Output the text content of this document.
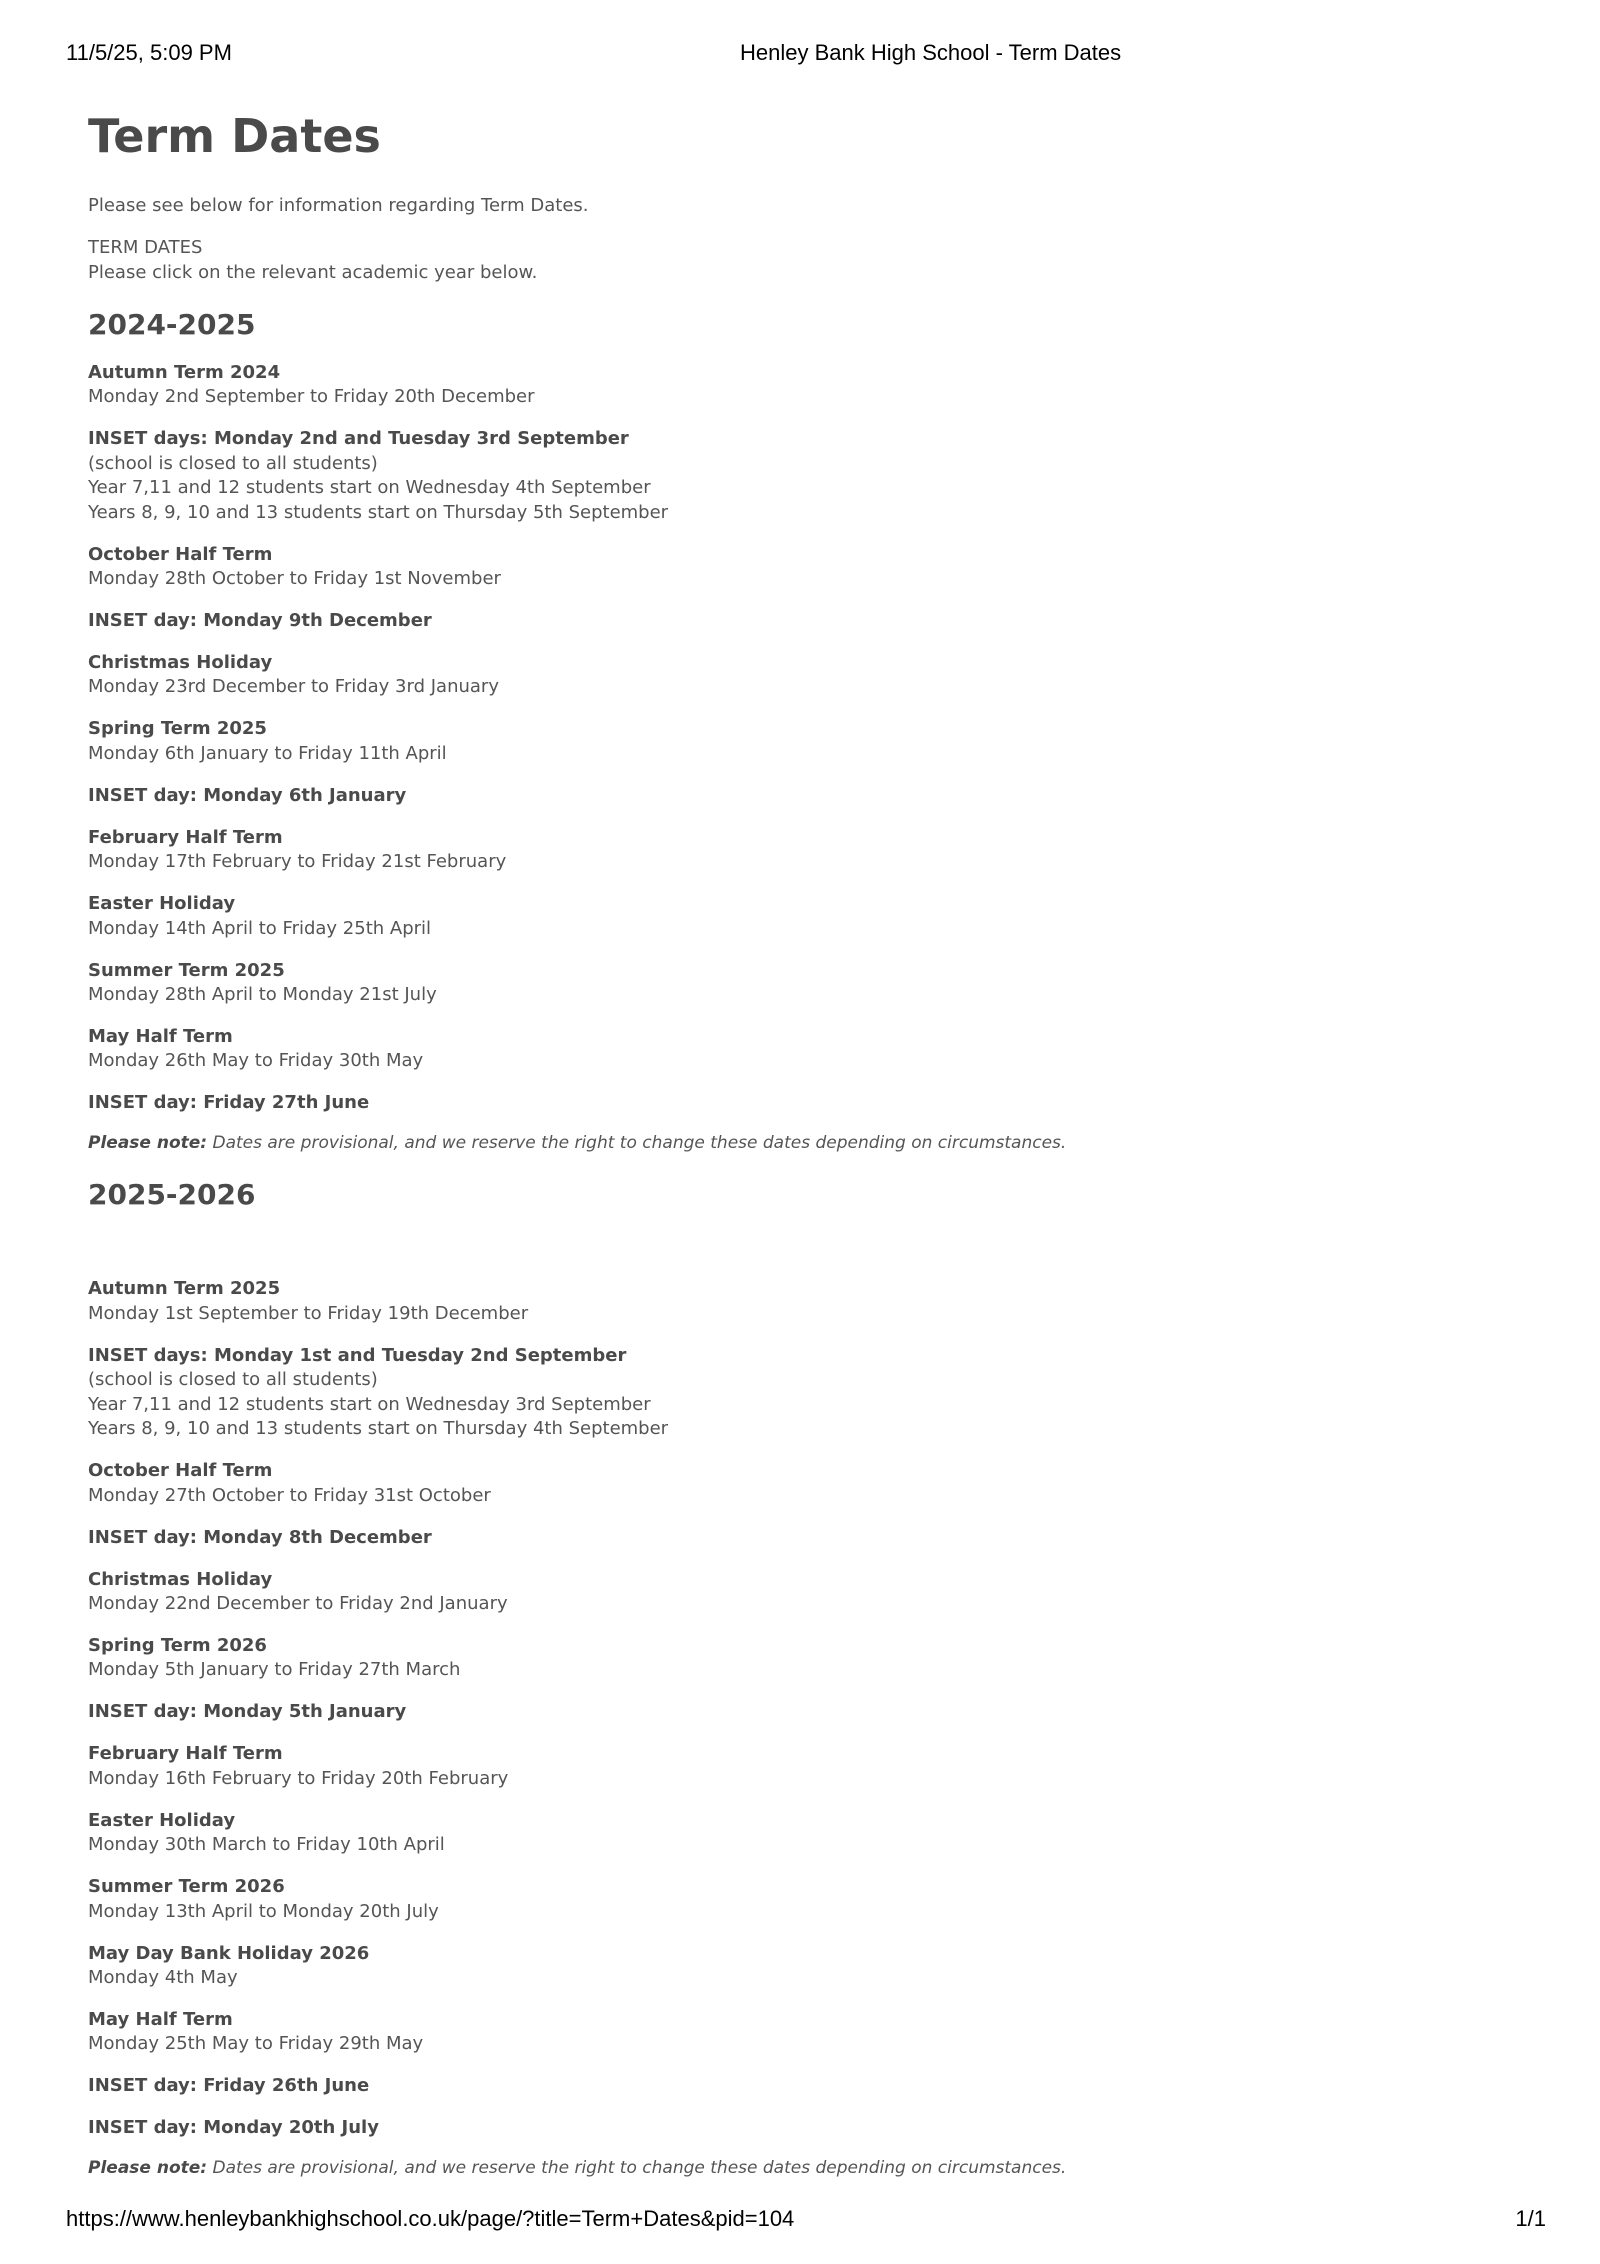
11/5/25, 5:09 PM	Henley Bank High School - Term Dates
Term Dates
Please see below for information regarding Term Dates.
TERM DATES
Please click on the relevant academic year below.
2024-2025
Autumn Term 2024
Monday 2nd September to Friday 20th December
INSET days: Monday 2nd and Tuesday 3rd September
(school is closed to all students)
Year 7,11 and 12 students start on Wednesday 4th September
Years 8, 9, 10 and 13 students start on Thursday 5th September
October Half Term
Monday 28th October to Friday 1st November
INSET day: Monday 9th December
Christmas Holiday
Monday 23rd December to Friday 3rd January
Spring Term 2025
Monday 6th January to Friday 11th April
INSET day: Monday 6th January
February Half Term
Monday 17th February to Friday 21st February
Easter Holiday
Monday 14th April to Friday 25th April
Summer Term 2025
Monday 28th April to Monday 21st July
May Half Term
Monday 26th May to Friday 30th May
INSET day: Friday 27th June
Please note: Dates are provisional, and we reserve the right to change these dates depending on circumstances.
2025-2026
Autumn Term 2025
Monday 1st September to Friday 19th December
INSET days: Monday 1st and Tuesday 2nd September
(school is closed to all students)
Year 7,11 and 12 students start on Wednesday 3rd September
Years 8, 9, 10 and 13 students start on Thursday 4th September
October Half Term
Monday 27th October to Friday 31st October
INSET day: Monday 8th December
Christmas Holiday
Monday 22nd December to Friday 2nd January
Spring Term 2026
Monday 5th January to Friday 27th March
INSET day: Monday 5th January
February Half Term
Monday 16th February to Friday 20th February
Easter Holiday
Monday 30th March to Friday 10th April
Summer Term 2026
Monday 13th April to Monday 20th July
May Day Bank Holiday 2026
Monday 4th May
May Half Term
Monday 25th May to Friday 29th May
INSET day: Friday 26th June
INSET day: Monday 20th July
Please note: Dates are provisional, and we reserve the right to change these dates depending on circumstances.
https://www.henleybankhighschool.co.uk/page/?title=Term+Dates&pid=104	1/1
